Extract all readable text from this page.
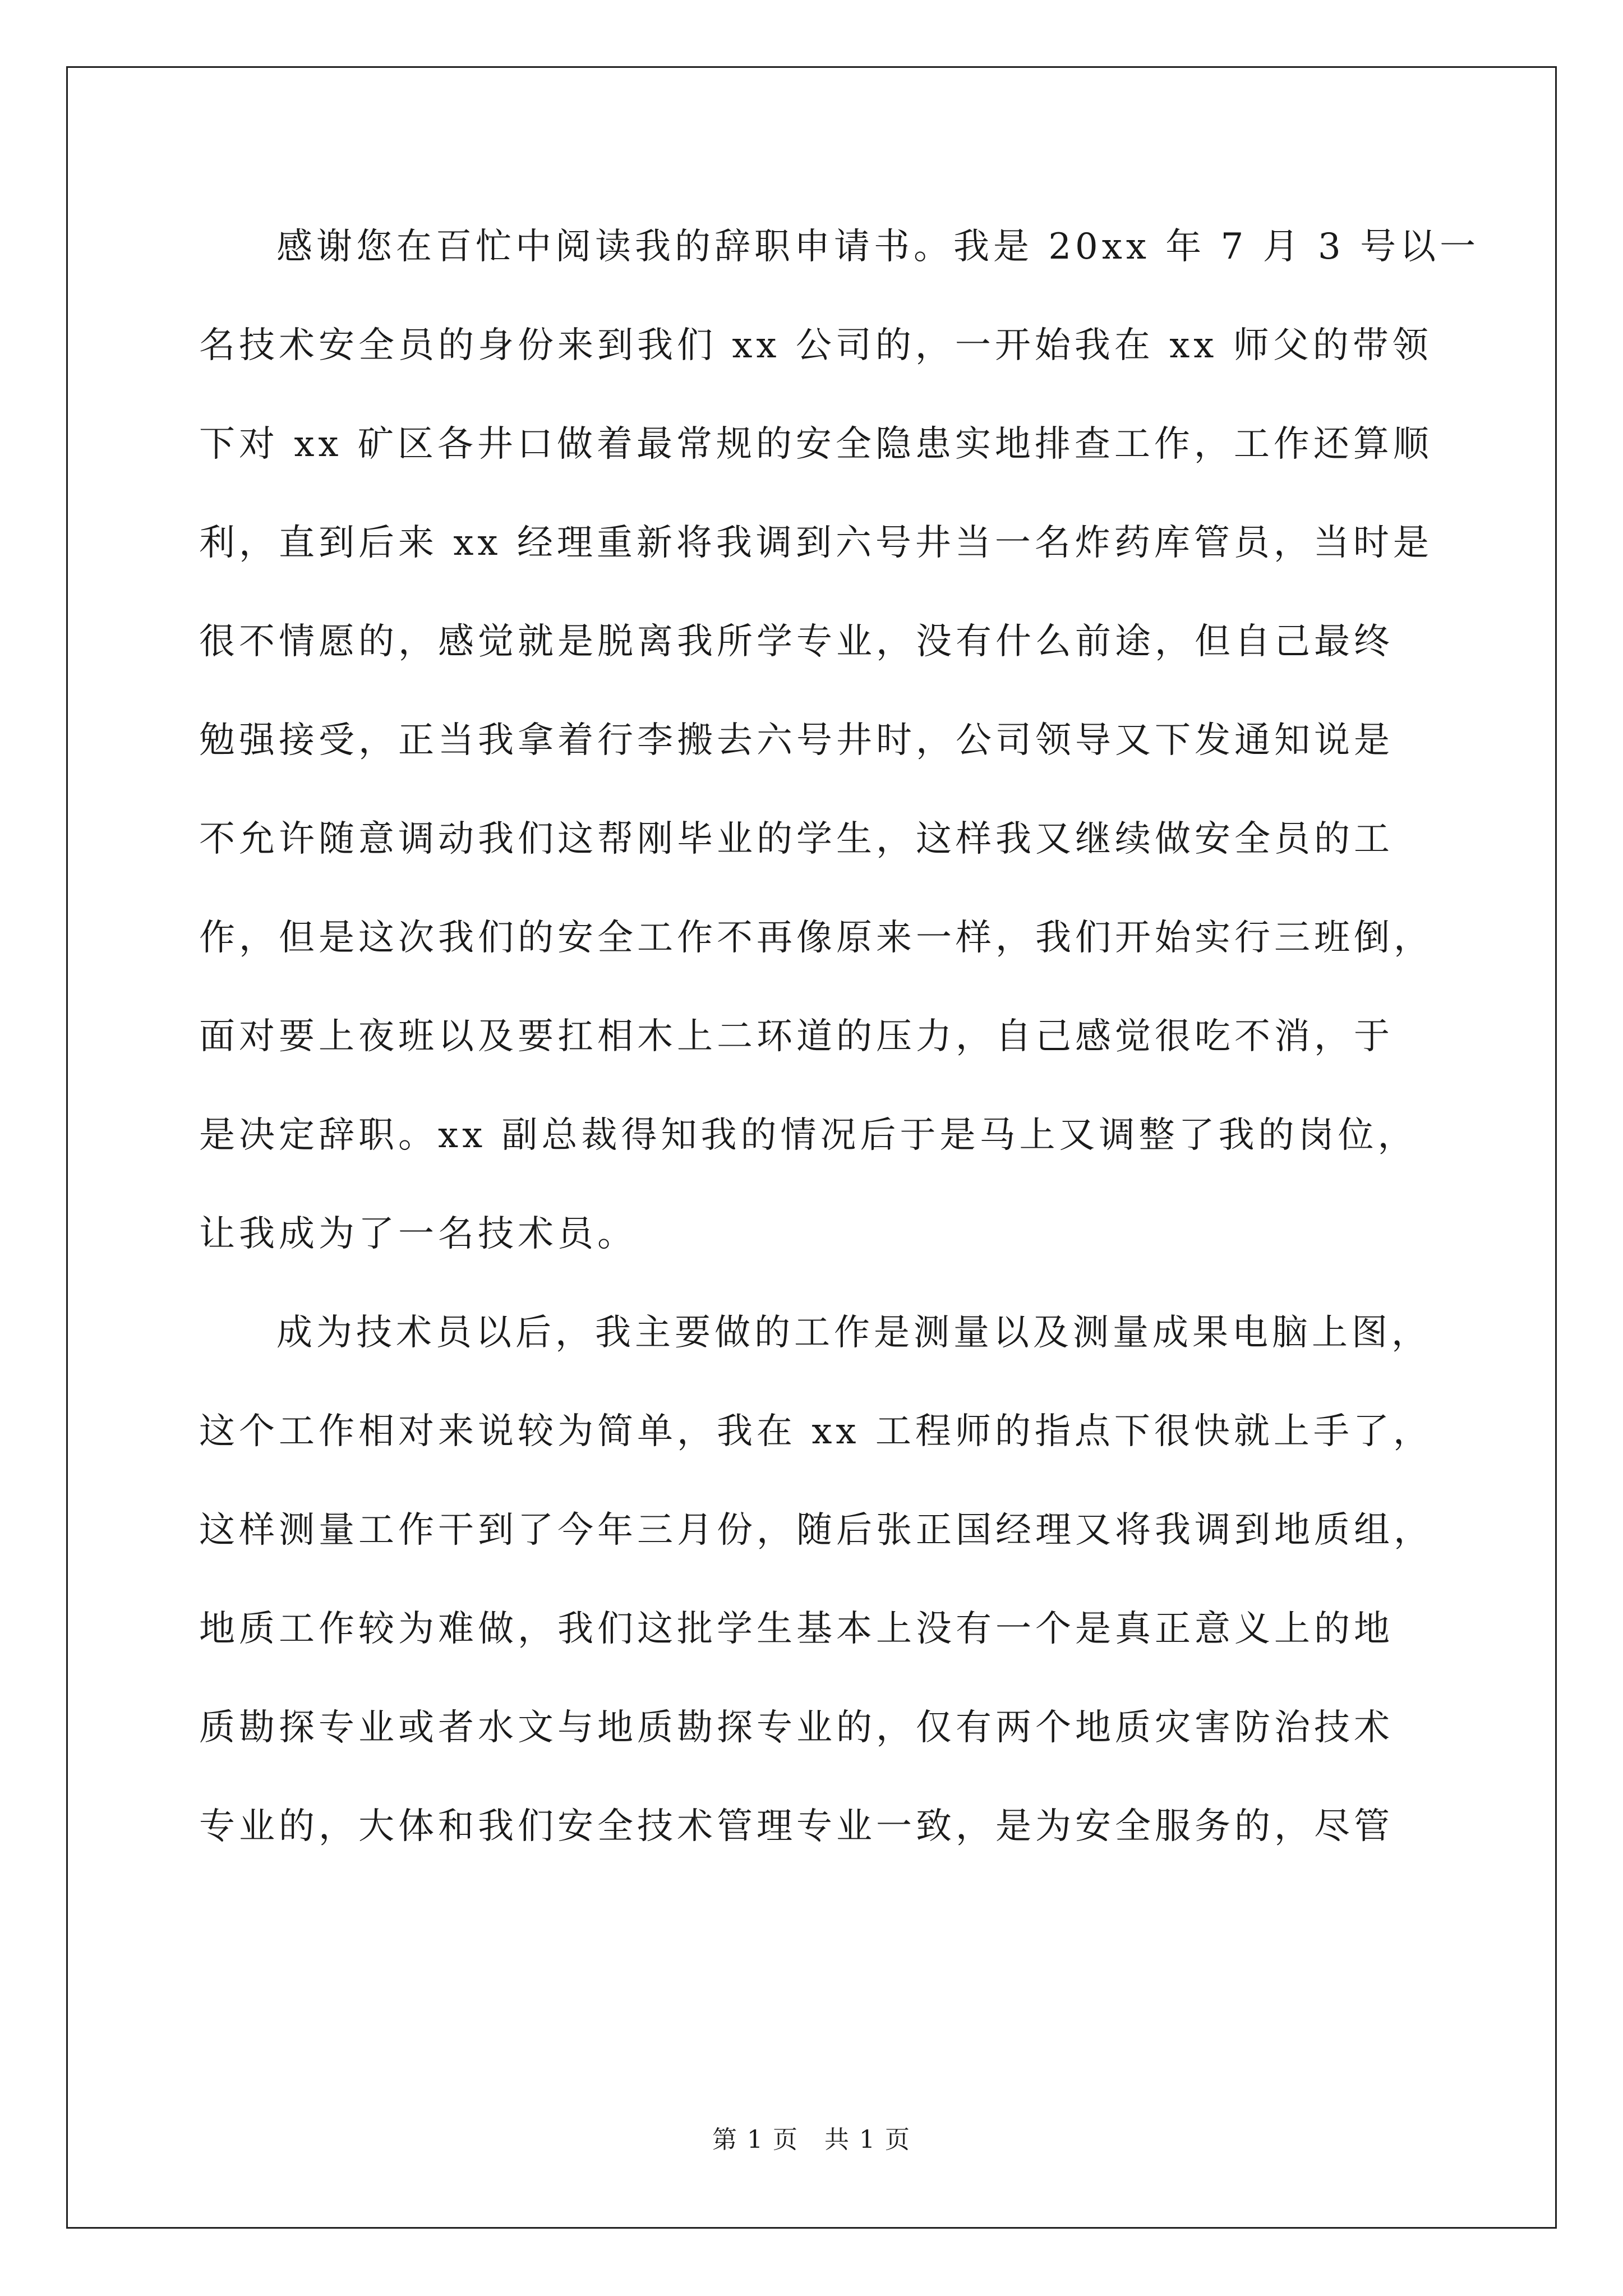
感谢您在百忙中阅读我的辞职申请书。我是 20xx 年 7 月 3 号以一
名技术安全员的身份来到我们 xx 公司的，一开始我在 xx 师父的带领
下对 xx 矿区各井口做着最常规的安全隐患实地排查工作，工作还算顺
利，直到后来 xx 经理重新将我调到六号井当一名炸药库管员，当时是
很不情愿的，感觉就是脱离我所学专业，没有什么前途，但自己最终
勉强接受，正当我拿着行李搬去六号井时，公司领导又下发通知说是
不允许随意调动我们这帮刚毕业的学生，这样我又继续做安全员的工
作，但是这次我们的安全工作不再像原来一样，我们开始实行三班倒，
面对要上夜班以及要扛相木上二环道的压力，自己感觉很吃不消，于
是决定辞职。xx 副总裁得知我的情况后于是马上又调整了我的岗位，
让我成为了一名技术员。
成为技术员以后，我主要做的工作是测量以及测量成果电脑上图，
这个工作相对来说较为简单，我在 xx 工程师的指点下很快就上手了，
这样测量工作干到了今年三月份，随后张正国经理又将我调到地质组，
地质工作较为难做，我们这批学生基本上没有一个是真正意义上的地
质勘探专业或者水文与地质勘探专业的，仅有两个地质灾害防治技术
专业的，大体和我们安全技术管理专业一致，是为安全服务的，尽管
第 1 页　共 1 页
